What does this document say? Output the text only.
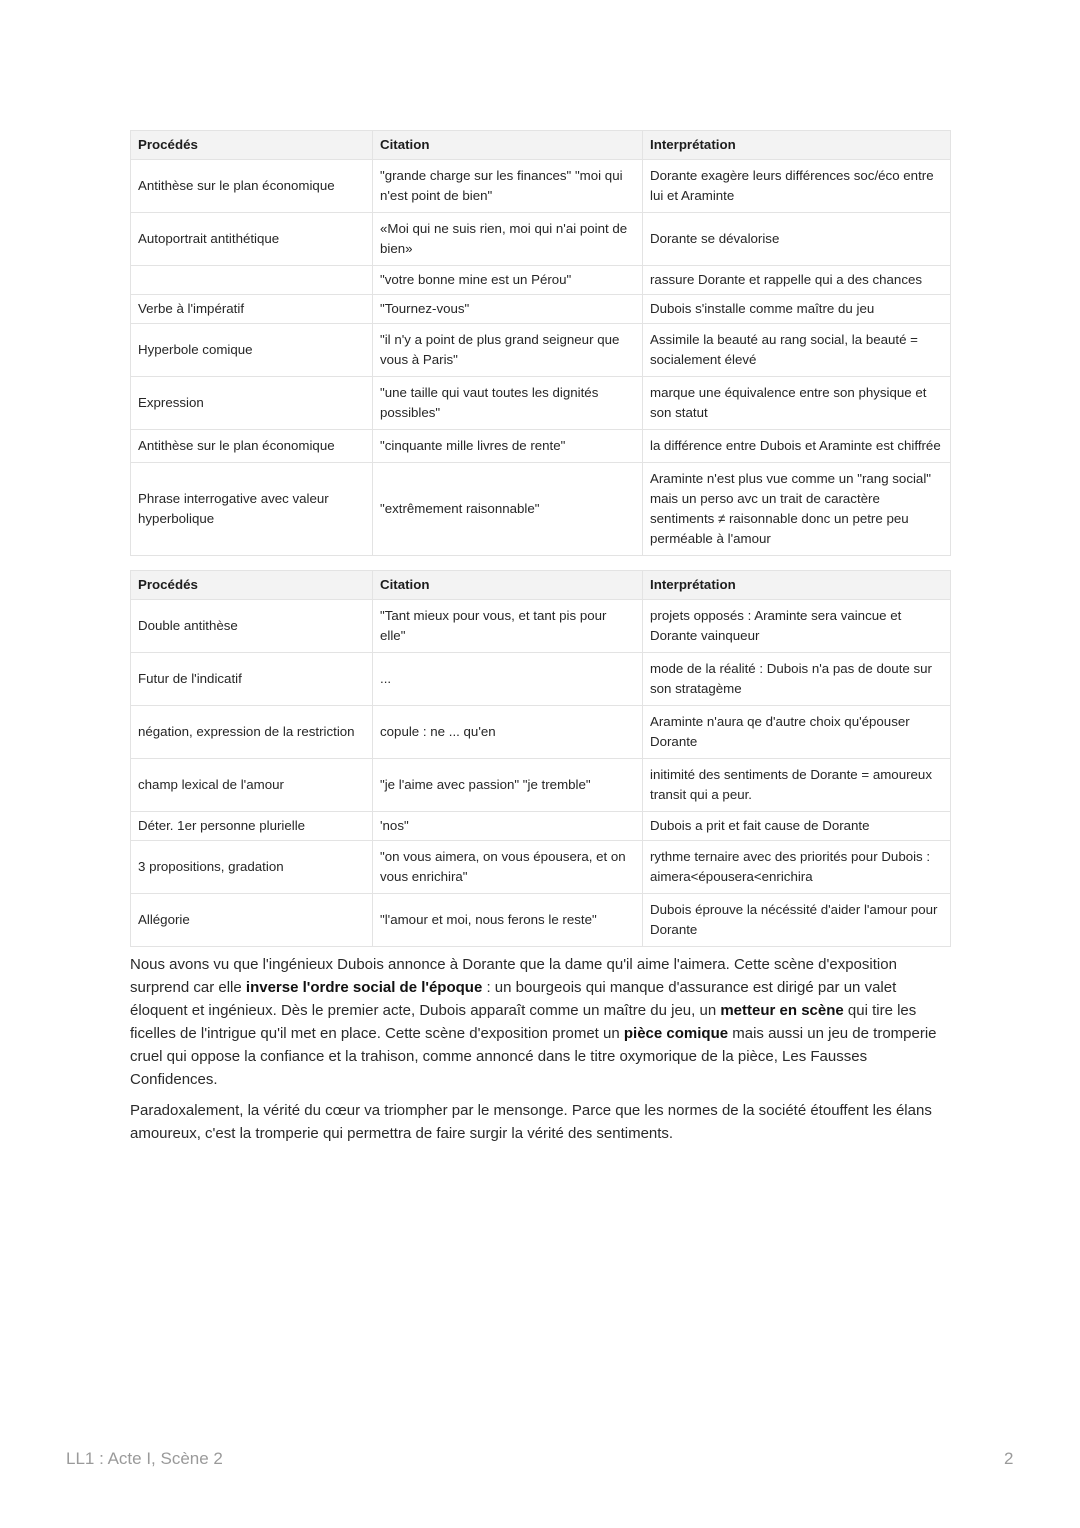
Procédés	Citation	Interprétation
Antithèse sur le plan économique	"grande charge sur les finances" "moi qui n'est point de bien"	Dorante exagère leurs différences soc/éco entre lui et Araminte
Autoportrait antithétique	«Moi qui ne suis rien, moi qui n'ai point de bien»	Dorante se dévalorise
	"votre bonne mine est un Pérou"	rassure Dorante et rappelle qui a des chances
Verbe à l'impératif	"Tournez-vous"	Dubois s'installe comme maître du jeu
Hyperbole comique	"il n'y a point de plus grand seigneur que vous à Paris"	Assimile la beauté au rang social, la beauté = socialement élevé
Expression	"une taille qui vaut toutes les dignités possibles"	marque une équivalence entre son physique et son statut
Antithèse sur le plan économique	"cinquante mille livres de rente"	la différence entre Dubois et Araminte est chiffrée
Phrase interrogative avec valeur hyperbolique	"extrêmement raisonnable"	Araminte n'est plus vue comme un "rang social" mais un perso avc un trait de caractère sentiments ≠ raisonnable donc un petre peu perméable à l'amour
Procédés	Citation	Interprétation
Double antithèse	"Tant mieux pour vous, et tant pis pour elle"	projets opposés : Araminte sera vaincue et Dorante vainqueur
Futur de l'indicatif	...	mode de la réalité : Dubois n'a pas de doute sur son stratagème
négation, expression de la restriction	copule : ne ... qu'en	Araminte n'aura qe d'autre choix qu'épouser Dorante
champ lexical de l'amour	"je l'aime avec passion" "je tremble"	initimité des sentiments de Dorante = amoureux transit qui a peur.
Déter. 1er personne plurielle	'nos"	Dubois a prit et fait cause de Dorante
3 propositions, gradation	"on vous aimera, on vous épousera, et on vous enrichira"	rythme ternaire avec des priorités pour Dubois : aimera<épousera<enrichira
Allégorie	"l'amour et moi, nous ferons le reste"	Dubois éprouve la nécéssité d'aider l'amour pour Dorante

Nous avons vu que l'ingénieux Dubois annonce à Dorante que la dame qu'il aime l'aimera. Cette scène d'exposition surprend car elle inverse l'ordre social de l'époque : un bourgeois qui manque d'assurance est dirigé par un valet éloquent et ingénieux. Dès le premier acte, Dubois apparaît comme un maître du jeu, un metteur en scène qui tire les ficelles de l'intrigue qu'il met en place. Cette scène d'exposition promet un pièce comique mais aussi un jeu de tromperie cruel qui oppose la confiance et la trahison, comme annoncé dans le titre oxymorique de la pièce, Les Fausses Confidences.

Paradoxalement, la vérité du cœur va triompher par le mensonge. Parce que les normes de la société étouffent les élans amoureux, c'est la tromperie qui permettra de faire surgir la vérité des sentiments.

LL1 : Acte I, Scène 2	2
